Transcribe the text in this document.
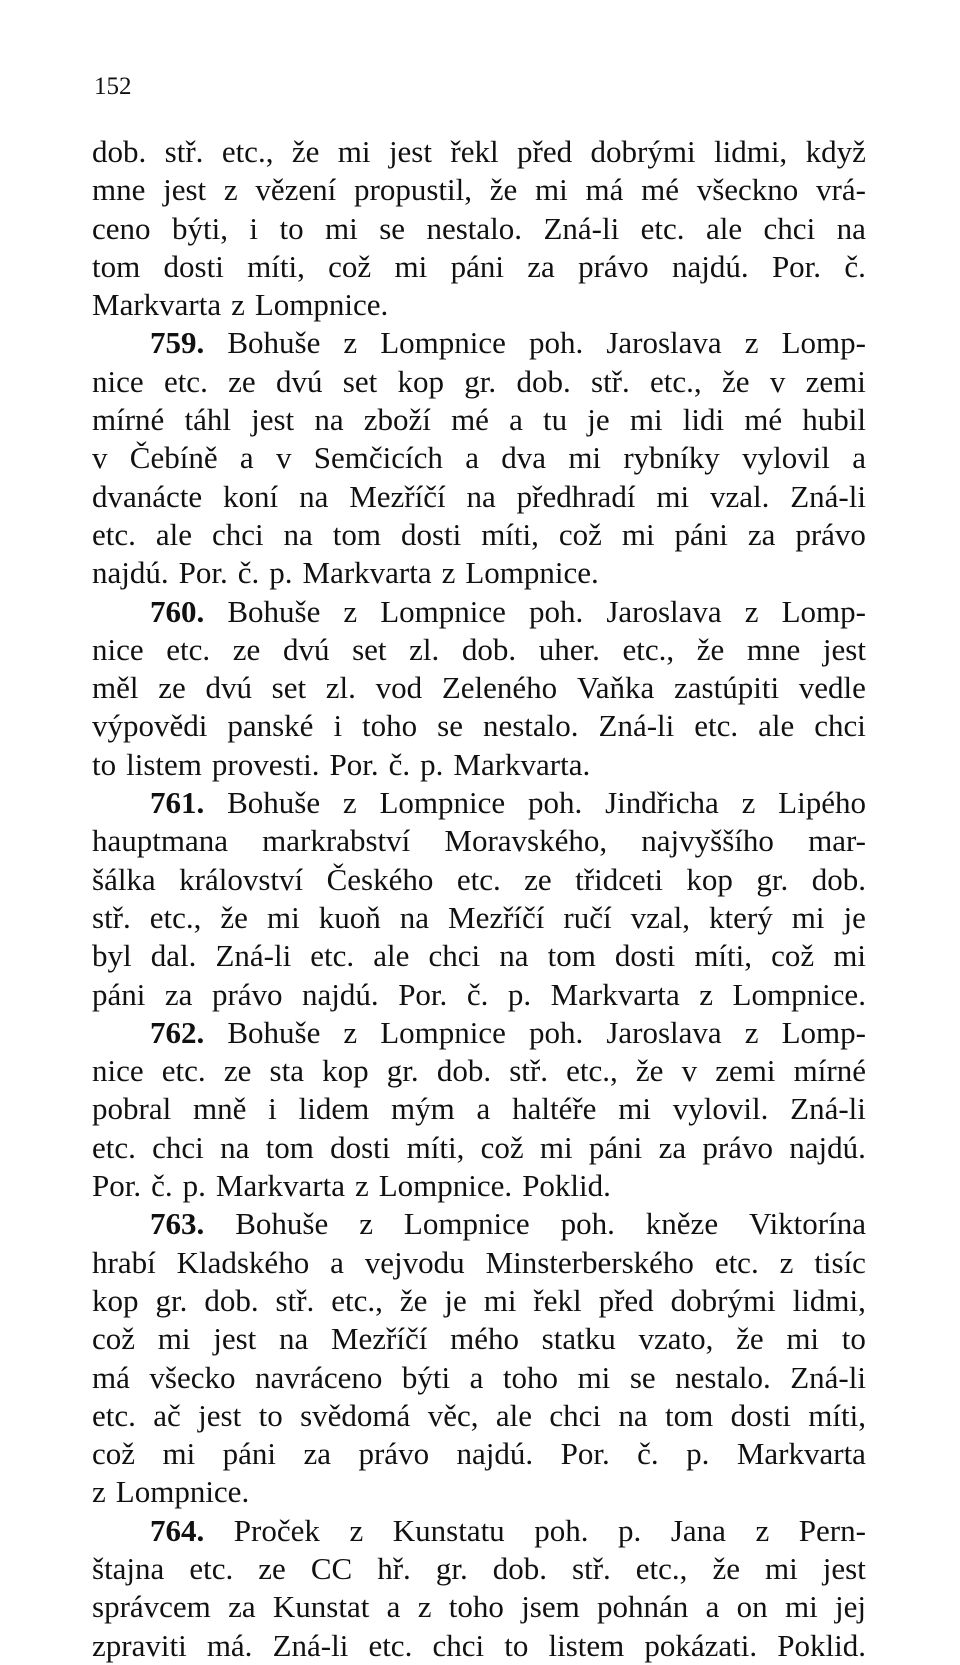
152
dob. stř. etc., že mi jest řekl před dobrými lidmi, když
mne jest z vězení propustil, že mi má mé všeckno vrá-
ceno býti, i to mi se nestalo. Zná-li etc. ale chci na
tom dosti míti, což mi páni za právo najdú. Por. č.
Markvarta z Lompnice.
759. Bohuše z Lompnice poh. Jaroslava z Lomp-
nice etc. ze dvú set kop gr. dob. stř. etc., že v zemi
mírné táhl jest na zboží mé a tu je mi lidi mé hubil
v Čebíně a v Semčicích a dva mi rybníky vylovil a
dvanácte koní na Mezříčí na předhradí mi vzal. Zná-li
etc. ale chci na tom dosti míti, což mi páni za právo
najdú. Por. č. p. Markvarta z Lompnice.
760. Bohuše z Lompnice poh. Jaroslava z Lomp-
nice etc. ze dvú set zl. dob. uher. etc., že mne jest
měl ze dvú set zl. vod Zeleného Vaňka zastúpiti vedle
výpovědi panské i toho se nestalo. Zná-li etc. ale chci
to listem provesti. Por. č. p. Markvarta.
761. Bohuše z Lompnice poh. Jindřicha z Lipého
hauptmana markrabství Moravského, najvyššího mar-
šálka království Českého etc. ze třidceti kop gr. dob.
stř. etc., že mi kuoň na Mezříčí ručí vzal, který mi je
byl dal. Zná-li etc. ale chci na tom dosti míti, což mi
páni za právo najdú. Por. č. p. Markvarta z Lompnice.
762. Bohuše z Lompnice poh. Jaroslava z Lomp-
nice etc. ze sta kop gr. dob. stř. etc., že v zemi mírné
pobral mně i lidem mým a haltéře mi vylovil. Zná-li
etc. chci na tom dosti míti, což mi páni za právo najdú.
Por. č. p. Markvarta z Lompnice. Poklid.
763. Bohuše z Lompnice poh. kněze Viktorína
hrabí Kladského a vejvodu Minsterberského etc. z tisíc
kop gr. dob. stř. etc., že je mi řekl před dobrými lidmi,
což mi jest na Mezříčí mého statku vzato, že mi to
má všecko navráceno býti a toho mi se nestalo. Zná-li
etc. ač jest to svědomá věc, ale chci na tom dosti míti,
což mi páni za právo najdú. Por. č. p. Markvarta
z Lompnice.
764. Proček z Kunstatu poh. p. Jana z Pern-
štajna etc. ze CC hř. gr. dob. stř. etc., že mi jest
správcem za Kunstat a z toho jsem pohnán a on mi jej
zpraviti má. Zná-li etc. chci to listem pokázati. Poklid.
